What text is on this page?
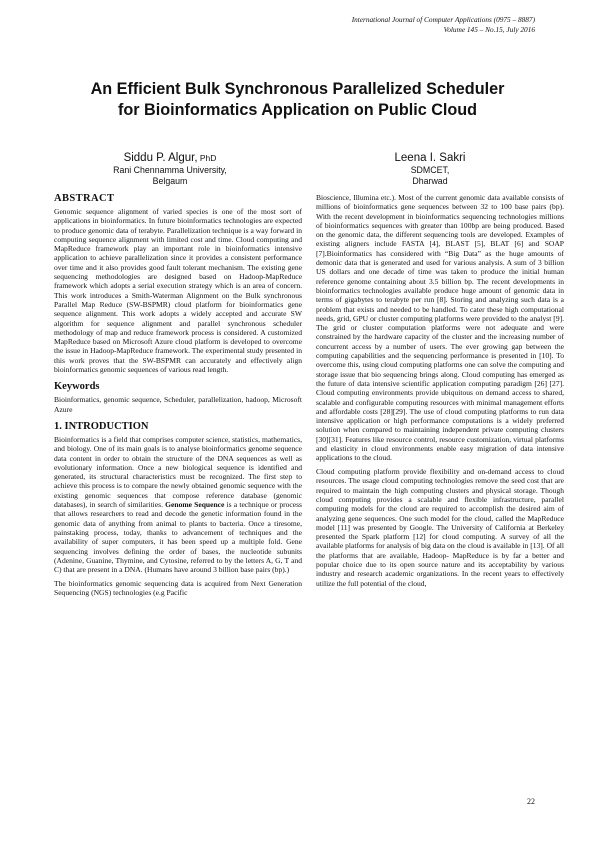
International Journal of Computer Applications (0975 – 8887)
Volume 145 – No.15, July 2016
An Efficient Bulk Synchronous Parallelized Scheduler
for Bioinformatics Application on Public Cloud
Siddu P. Algur, PhD
Rani Chennamma University,
Belgaum
Leena I. Sakri
SDMCET,
Dharwad
ABSTRACT

Genomic sequence alignment of varied species is one of the most sort of applications in bioinformatics. In future bioinformatics technologies are expected to produce genomic data of terabyte. Parallelization technique is a way forward in computing sequence alignment with limited cost and time. Cloud computing and MapReduce framework play an important role in bioinformatics intensive application to achieve parallelization since it provides a consistent performance over time and it also provides good fault tolerant mechanism. The existing gene sequencing methodologies are designed based on Hadoop-MapReduce framework which adopts a serial execution strategy which is an area of concern. This work introduces a Smith-Waterman Alignment on the Bulk synchronous Parallel Map Reduce (SW-BSPMR) cloud platform for bioinformatics gene sequence alignment. This work adopts a widely accepted and accurate SW algorithm for sequence alignment and parallel synchronous scheduler methodology of map and reduce framework process is considered. A customized MapReduce based on Microsoft Azure cloud platform is developed to overcome the issue in Hadoop-MapReduce framework. The experimental study presented in this work proves that the SW-BSPMR can accurately and effectively align bioinformatics genomic sequences of various read length.

Keywords

Bioinformatics, genomic sequence, Scheduler, parallelization, hadoop, Microsoft Azure

1. INTRODUCTION

Bioinformatics is a field that comprises computer science, statistics, mathematics, and biology. One of its main goals is to analyse bioinformatics genome sequence data content in order to obtain the structure of the DNA sequences as well as evolutionary information. Once a new biological sequence is identified and generated, its structural characteristics must be recognized. The first step to achieve this process is to compare the newly obtained genomic sequence with the existing genomic sequences that compose reference database (genomic databases), in search of similarities. Genome Sequence is a technique or process that allows researchers to read and decode the genetic information found in the genomic data of anything from animal to plants to bacteria. Once a tiresome, painstaking process, today, thanks to advancement of techniques and the availability of super computers, it has been speed up a multiple fold. Gene sequencing involves defining the order of bases, the nucleotide subunits (Adenine, Guanine, Thymine, and Cytosine, referred to by the letters A, G, T and C) that are present in a DNA. (Humans have around 3 billion base pairs (bp).)

The bioinformatics genomic sequencing data is acquired from Next Generation Sequencing (NGS) technologies (e.g Pacific

Bioscience, Illumina etc.). Most of the current genomic data available consists of millions of bioinformatics gene sequences between 32 to 100 base pairs (bp). With the recent development in bioinformatics sequencing technologies millions of bioinformatics sequences with greater than 100bp are being produced. Based on the genomic data, the different sequencing tools are developed. Examples of existing aligners include FASTA [4], BLAST [5], BLAT [6] and SOAP [7].Bioinformatics has considered with “Big Data” as the huge amounts of demonic data that is generated and used for various analysis. A sum of 3 billion US dollars and one decade of time was taken to produce the initial human reference genome containing about 3.5 billion bp. The recent developments in bioinformatics technologies available produce huge amount of genomic data in terms of gigabytes to terabyte per run [8]. Storing and analyzing such data is a problem that exists and needed to be handled. To cater these high computational needs, grid, GPU or cluster computing platforms were provided to the analyst [9]. The grid or cluster computation platforms were not adequate and were constrained by the hardware capacity of the cluster and the increasing number of concurrent access by a number of users. The ever growing gap between the computing capabilities and the sequencing performance is presented in [10]. To overcome this, using cloud computing platforms one can solve the computing and storage issue that bio sequencing brings along. Cloud computing has emerged as the future of data intensive scientific application computing paradigm [26] [27]. Cloud computing environments provide ubiquitous on demand access to shared, scalable and configurable computing resources with minimal management efforts and affordable costs [28][29]. The use of cloud computing platforms to run data intensive application or high performance computations is a widely preferred solution when compared to maintaining independent private computing clusters [30][31]. Features like resource control, resource customization, virtual platforms and elasticity in cloud environments enable easy migration of data intensive applications to the cloud.

Cloud computing platform provide flexibility and on-demand access to cloud resources. The usage cloud computing technologies remove the seed cost that are required to maintain the high computing clusters and physical storage. Though cloud computing provides a scalable and flexible infrastructure, parallel computing models for the cloud are required to accomplish the desired aim of analyzing gene sequences. One such model for the cloud, called the MapReduce model [11] was presented by Google. The University of California at Berkeley presented the Spark platform [12] for cloud computing. A survey of all the available platforms for analysis of big data on the cloud is available in [13]. Of all the platforms that are available, Hadoop- MapReduce is by far a better and popular choice due to its open source nature and its acceptability by various industry and research academic organizations. In the recent years to effectively utilize the full potential of the cloud,

22
